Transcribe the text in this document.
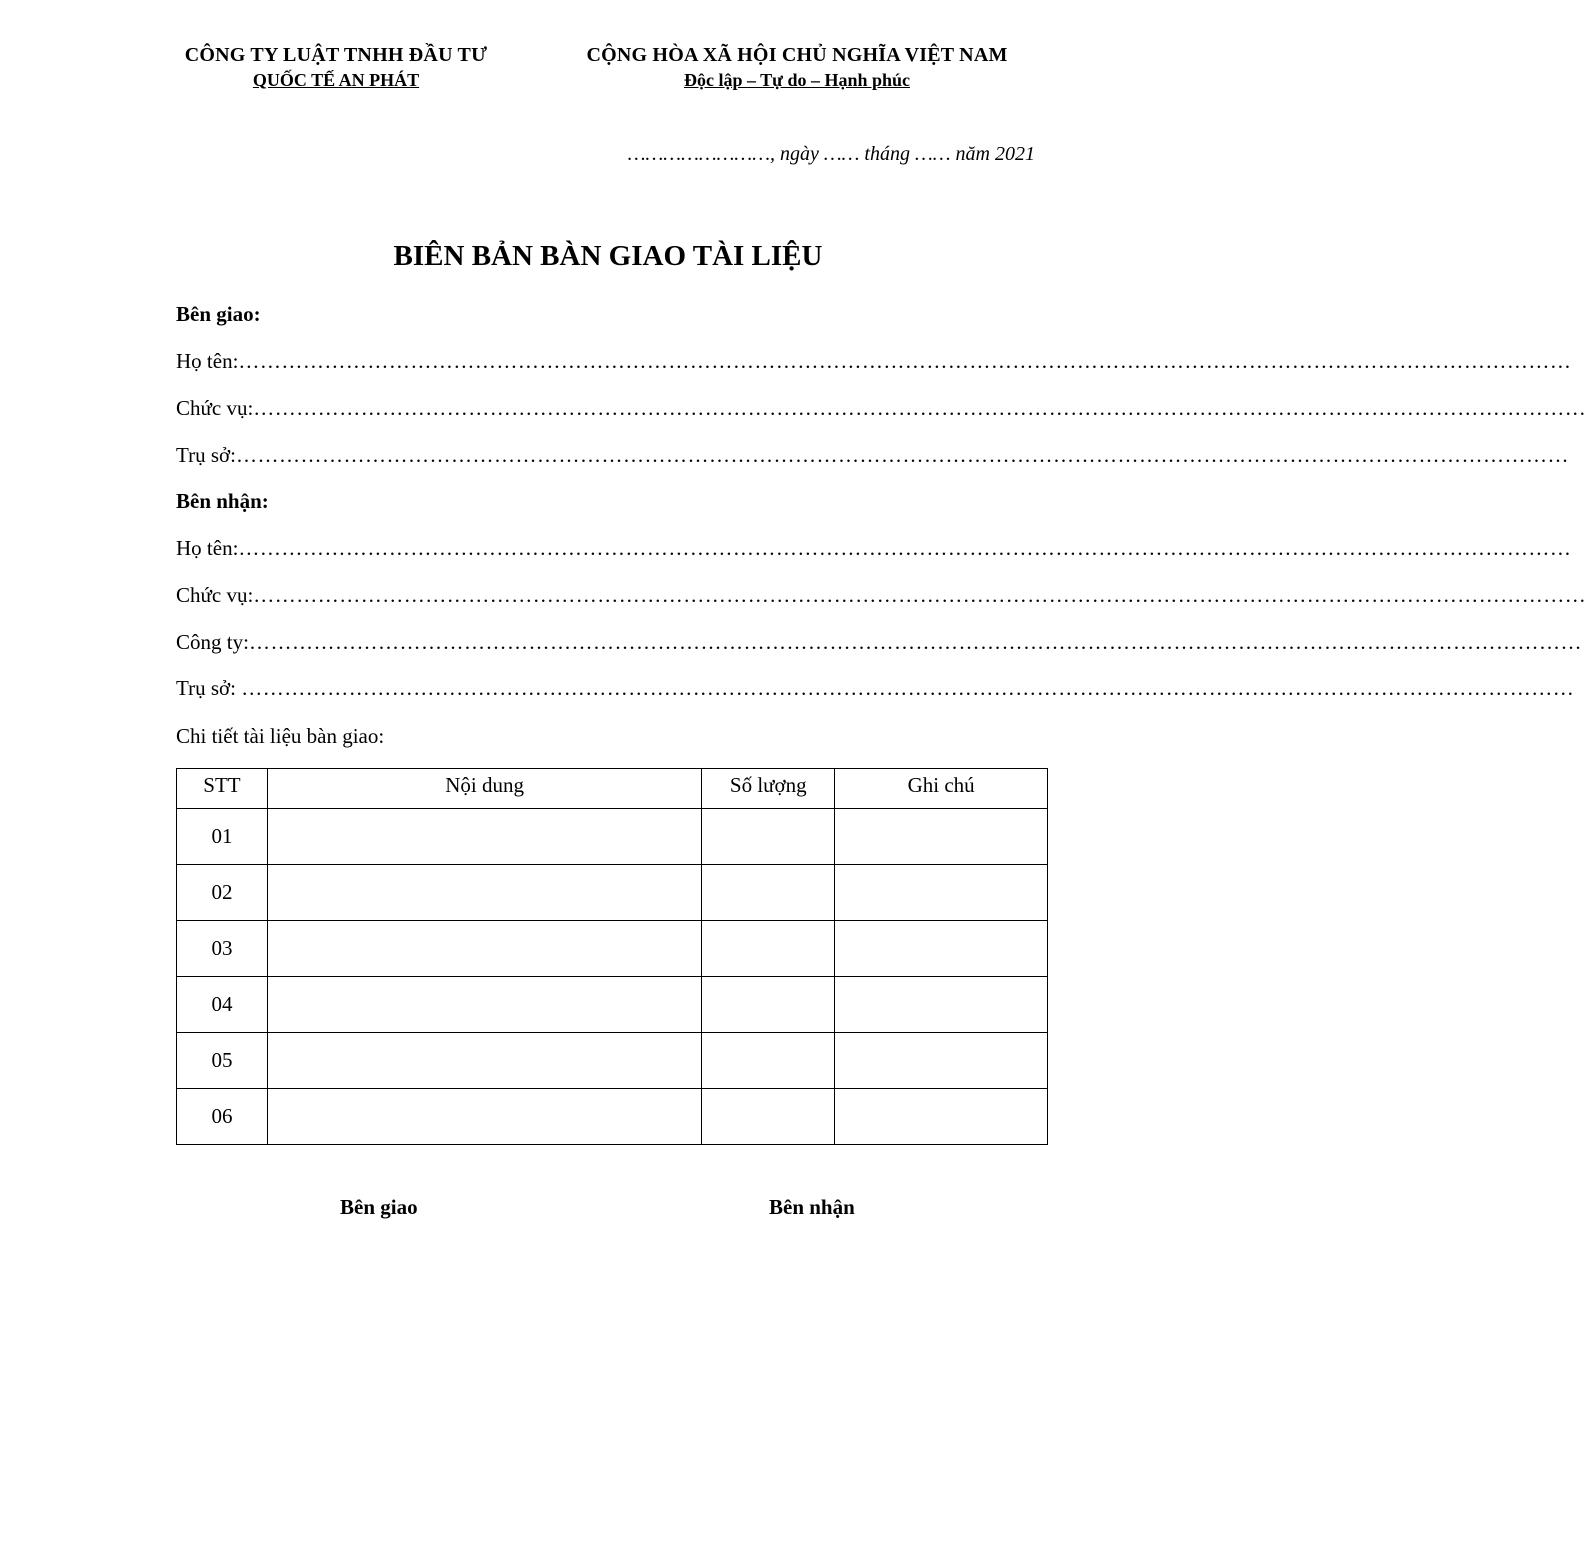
CÔNG TY LUẬT TNHH ĐẦU TƯ
QUỐC TẾ AN PHÁT
CỘNG HÒA XÃ HỘI CHỦ NGHĨA VIỆT NAM
Độc lập – Tự do – Hạnh phúc
……………………, ngày …… tháng …… năm 2021
BIÊN BẢN BÀN GIAO TÀI LIỆU
Bên giao:
Họ tên: ……………………………………………………………………………………………………………………………………………………………………
Chức vụ: ……………………………………………………………………………………………………………………………………………………………………
Trụ sở: ……………………………………………………………………………………………………………………………………………………………………
Bên nhận:
Họ tên: ……………………………………………………………………………………………………………………………………………………………………
Chức vụ: ……………………………………………………………………………………………………………………………………………………………………
Công ty: ……………………………………………………………………………………………………………………………………………………………………
Trụ sở: ……………………………………………………………………………………………………………………………………………………………………
Chi tiết tài liệu bàn giao:
STT	Nội dung	Số lượng	Ghi chú
01			
02			
03			
04			
05			
06			
Bên giao	Bên nhận
